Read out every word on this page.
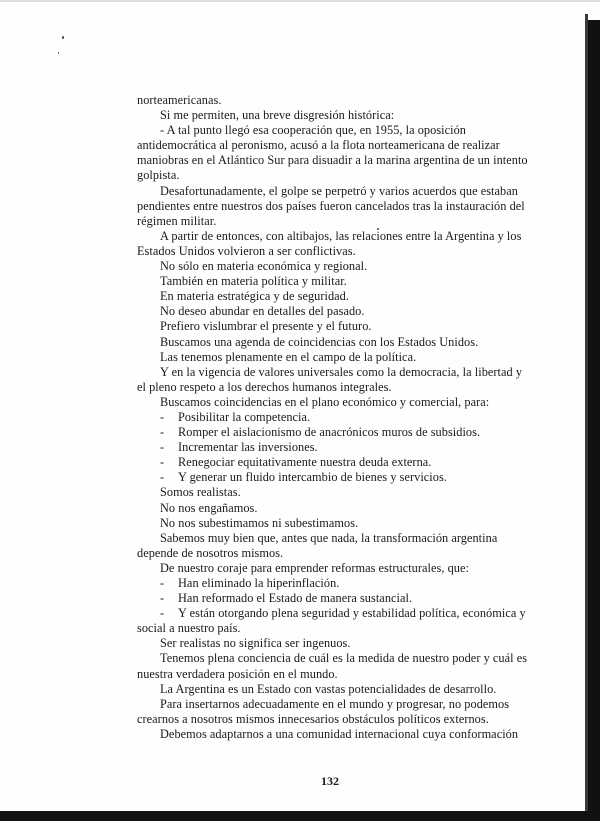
norteamericanas.
Si me permiten, una breve disgresión histórica:
- A tal punto llegó esa cooperación que, en 1955, la oposición
antidemocrática al peronismo, acusó a la flota norteamericana de realizar
maniobras en el Atlántico Sur para disuadir a la marina argentina de un intento
golpista.
Desafortunadamente, el golpe se perpetró y varios acuerdos que estaban
pendientes entre nuestros dos países fueron cancelados tras la instauración del
régimen militar.
A partir de entonces, con altibajos, las relaciones entre la Argentina y los
Estados Unidos volvieron a ser conflictivas.
No sólo en materia económica y regional.
También en materia política y militar.
En materia estratégica y de seguridad.
No deseo abundar en detalles del pasado.
Prefiero vislumbrar el presente y el futuro.
Buscamos una agenda de coincidencias con los Estados Unidos.
Las tenemos plenamente en el campo de la política.
Y en la vigencia de valores universales como la democracia, la libertad y
el pleno respeto a los derechos humanos integrales.
Buscamos coincidencias en el plano económico y comercial, para:
- Posibilitar la competencia.
- Romper el aislacionismo de anacrónicos muros de subsidios.
- Incrementar las inversiones.
- Renegociar equitativamente nuestra deuda externa.
- Y generar un fluido intercambio de bienes y servicios.
Somos realistas.
No nos engañamos.
No nos subestimamos ni subestimamos.
Sabemos muy bien que, antes que nada, la transformación argentina
depende de nosotros mismos.
De nuestro coraje para emprender reformas estructurales, que:
- Han eliminado la hiperinflación.
- Han reformado el Estado de manera sustancial.
- Y están otorgando plena seguridad y estabilidad política, económica y
social a nuestro país.
Ser realistas no significa ser ingenuos.
Tenemos plena conciencia de cuál es la medida de nuestro poder y cuál es
nuestra verdadera posición en el mundo.
La Argentina es un Estado con vastas potencialidades de desarrollo.
Para insertarnos adecuadamente en el mundo y progresar, no podemos
crearnos a nosotros mismos innecesarios obstáculos políticos externos.
Debemos adaptarnos a una comunidad internacional cuya conformación
132
